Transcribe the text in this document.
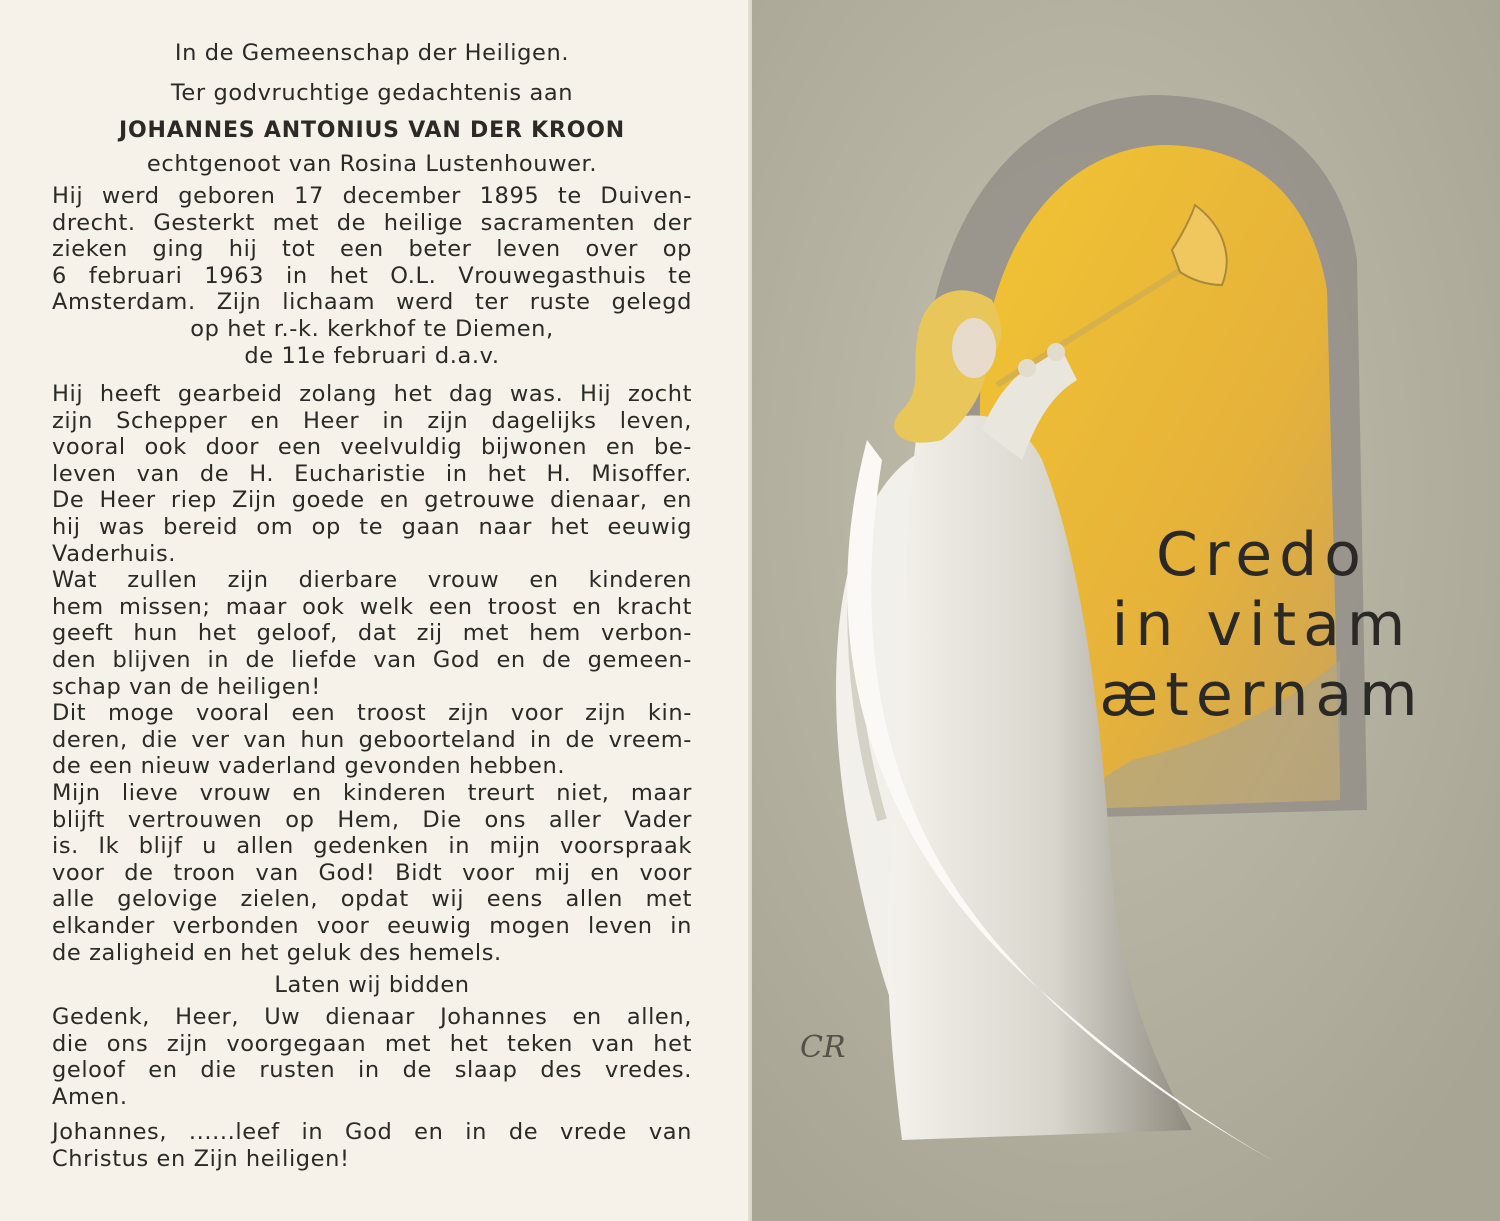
In de Gemeenschap der Heiligen.
Ter godvruchtige gedachtenis aan
JOHANNES ANTONIUS VAN DER KROON
echtgenoot van Rosina Lustenhouwer.
Hij werd geboren 17 december 1895 te Duiven-
drecht. Gesterkt met de heilige sacramenten der
zieken ging hij tot een beter leven over op
6 februari 1963 in het O.L. Vrouwegasthuis te
Amsterdam. Zijn lichaam werd ter ruste gelegd
op het r.-k. kerkhof te Diemen,
de 11e februari d.a.v.
Hij heeft gearbeid zolang het dag was. Hij zocht
zijn Schepper en Heer in zijn dagelijks leven,
vooral ook door een veelvuldig bijwonen en be-
leven van de H. Eucharistie in het H. Misoffer.
De Heer riep Zijn goede en getrouwe dienaar, en
hij was bereid om op te gaan naar het eeuwig
Vaderhuis.
Wat zullen zijn dierbare vrouw en kinderen
hem missen; maar ook welk een troost en kracht
geeft hun het geloof, dat zij met hem verbon-
den blijven in de liefde van God en de gemeen-
schap van de heiligen!
Dit moge vooral een troost zijn voor zijn kin-
deren, die ver van hun geboorteland in de vreem-
de een nieuw vaderland gevonden hebben.
Mijn lieve vrouw en kinderen treurt niet, maar
blijft vertrouwen op Hem, Die ons aller Vader
is. Ik blijf u allen gedenken in mijn voorspraak
voor de troon van God! Bidt voor mij en voor
alle gelovige zielen, opdat wij eens allen met
elkander verbonden voor eeuwig mogen leven in
de zaligheid en het geluk des hemels.
Laten wij bidden
Gedenk, Heer, Uw dienaar Johannes en allen,
die ons zijn voorgegaan met het teken van het
geloof en die rusten in de slaap des vredes.
Amen.
Johannes, ......leef in God en in de vrede van
Christus en Zijn heiligen!
Credo
in vitam
æternam
CR
